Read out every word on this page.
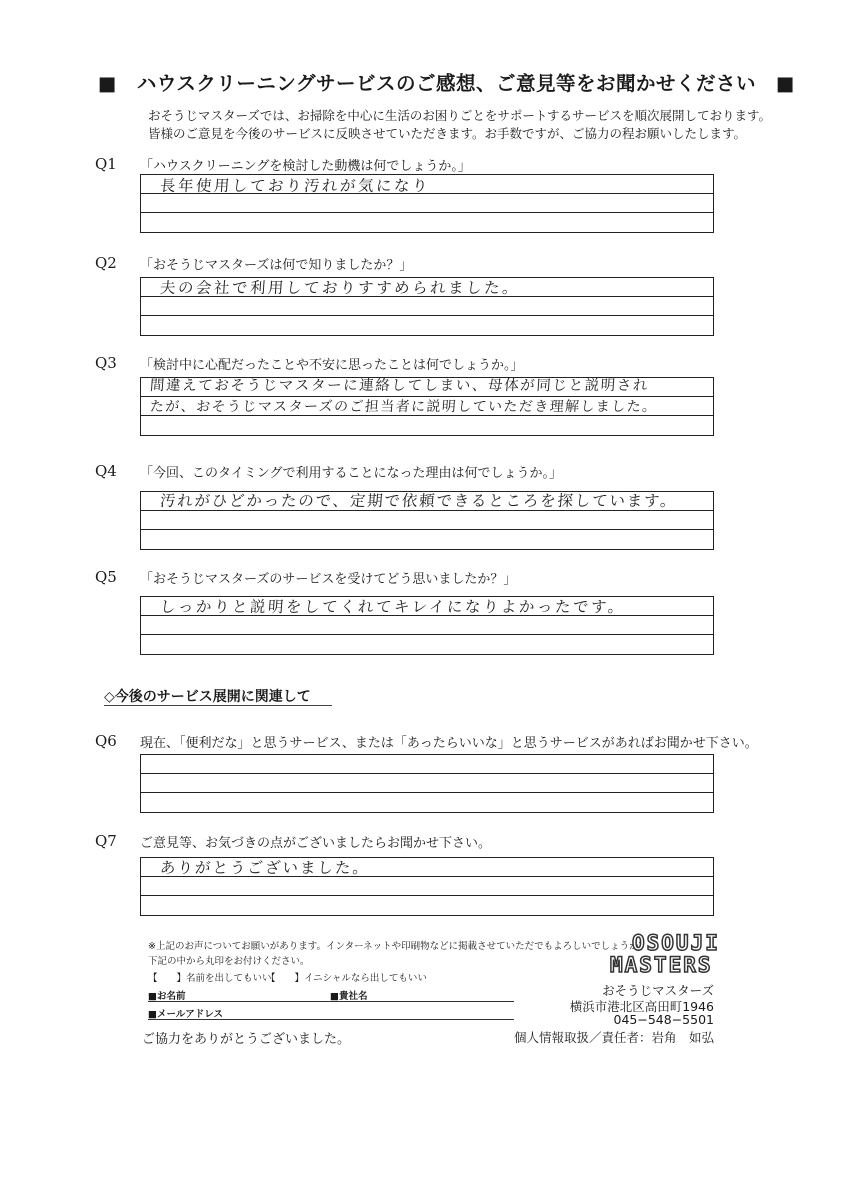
■　ハウスクリーニングサービスのご感想、ご意見等をお聞かせください　■
おそうじマスターズでは、お掃除を中心に生活のお困りごとをサポートするサービスを順次展開しております。
皆様のご意見を今後のサービスに反映させていただきます。お手数ですが、ご協力の程お願いしたします。
Q1 「ハウスクリーニングを検討した動機は何でしょうか。」
長年使用しており汚れが気になり
Q2 「おそうじマスターズは何で知りましたか？」
夫の会社で利用しておりすすめられました。
Q3 「検討中に心配だったことや不安に思ったことは何でしょうか。」
間違えておそうじマスターに連絡してしまい、母体が同じと説明され
たが、おそうじマスターズのご担当者に説明していただき理解しました。
Q4 「今回、このタイミングで利用することになった理由は何でしょうか。」
汚れがひどかったので、定期で依頼できるところを探しています。
Q5 「おそうじマスターズのサービスを受けてどう思いましたか？」
しっかりと説明をしてくれてキレイになりよかったです。
◇今後のサービス展開に関連して
Q6 現在、「便利だな」と思うサービス、または「あったらいいな」と思うサービスがあればお聞かせ下さい。
Q7 ご意見等、お気づきの点がございましたらお聞かせ下さい。
ありがとうございました。
※上記のお声についてお願いがあります。インターネットや印刷物などに掲載させていただでもよろしいでしょうか？
下記の中から丸印をお付けください。
【　　】名前を出してもいい
【　　】イニシャルなら出してもいい
■お名前	■貴社名
■メールアドレス
ご協力をありがとうございました。
OSOUJI
MASTERS
おそうじマスターズ
横浜市港北区高田町1946
045−548−5501
個人情報取扱／責任者：岩角　如弘
